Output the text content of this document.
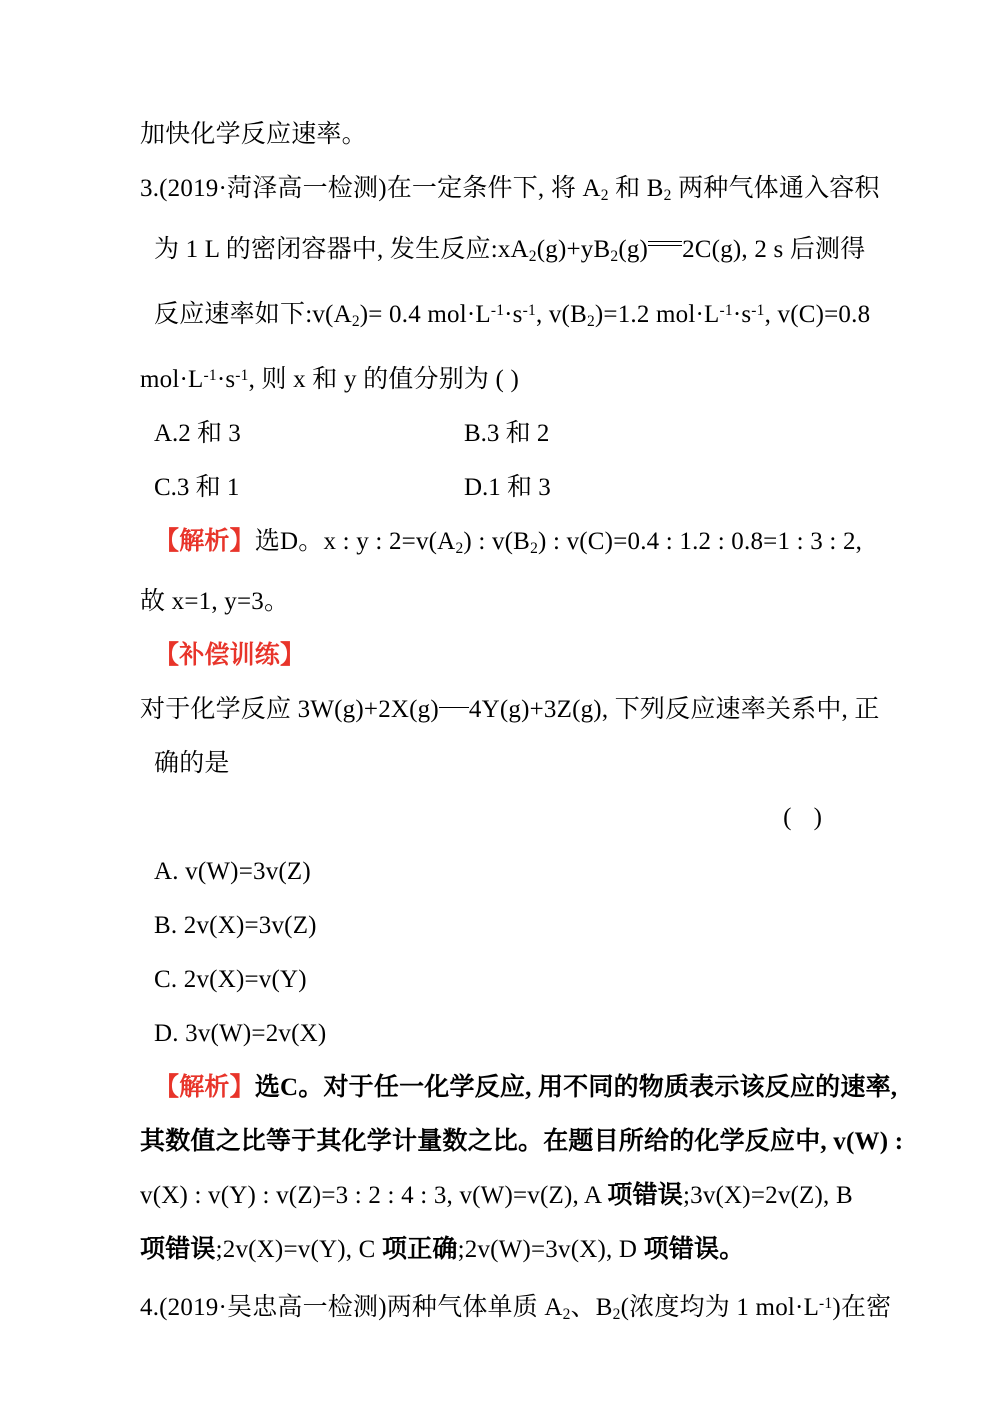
加快化学反应速率。
3.(2019·菏泽高一检测)在一定条件下, 将 $A_2$ 和 $B_2$ 两种气体通入容积
为 1 L 的密闭容器中, 发生反应$:xA_2(g)+yB_2(g)$ 2C(g), 2 s 后测得
反应速率如下$:v(A_2)= 0.4$ $mol\cdot L^{-1}\cdot s^{-1}$, $v(B_2)=1.2$ $mol\cdot L^{-1}\cdot s^{-1}$, v(C)=0.8
$mol\cdot L^{-1}\cdot s^{-1}$, 则 x 和 y 的值分别为 ( )
A.2 和 3	B.3 和 2
C.3 和 1	D.1 和 3
【解析】选D。x : y : $2=v(A_2)$ : $v(B_2)$ : v(C)=0.4 : 1.2 : 0.8=1 : 3 : 2,
故 x=1, y=3。
【补偿训练】
对于化学反应 3W(g)+2X(g) 4Y(g)+3Z(g), 下列反应速率关系中, 正
确的是
( )
A. v(W)=3v(Z)
B. 2v(X)=3v(Z)
C. 2v(X)=v(Y)
D. 3v(W)=2v(X)
【解析】选C。对于任一化学反应, 用不同的物质表示该反应的速率,
其数值之比等于其化学计量数之比。在题目所给的化学反应中, v(W) :
v(X) : v(Y) : v(Z)=3 : 2 : 4 : 3, v(W)=v(Z), A 项错误;3v(X)=2v(Z), B
项错误;2v(X)=v(Y), C 项正确;2v(W)=3v(X), D 项错误。
4.(2019·吴忠高一检测)两种气体单质 $A_2$、$B_2$(浓度均为 1 $mol\cdot L^{-1}$)在密
